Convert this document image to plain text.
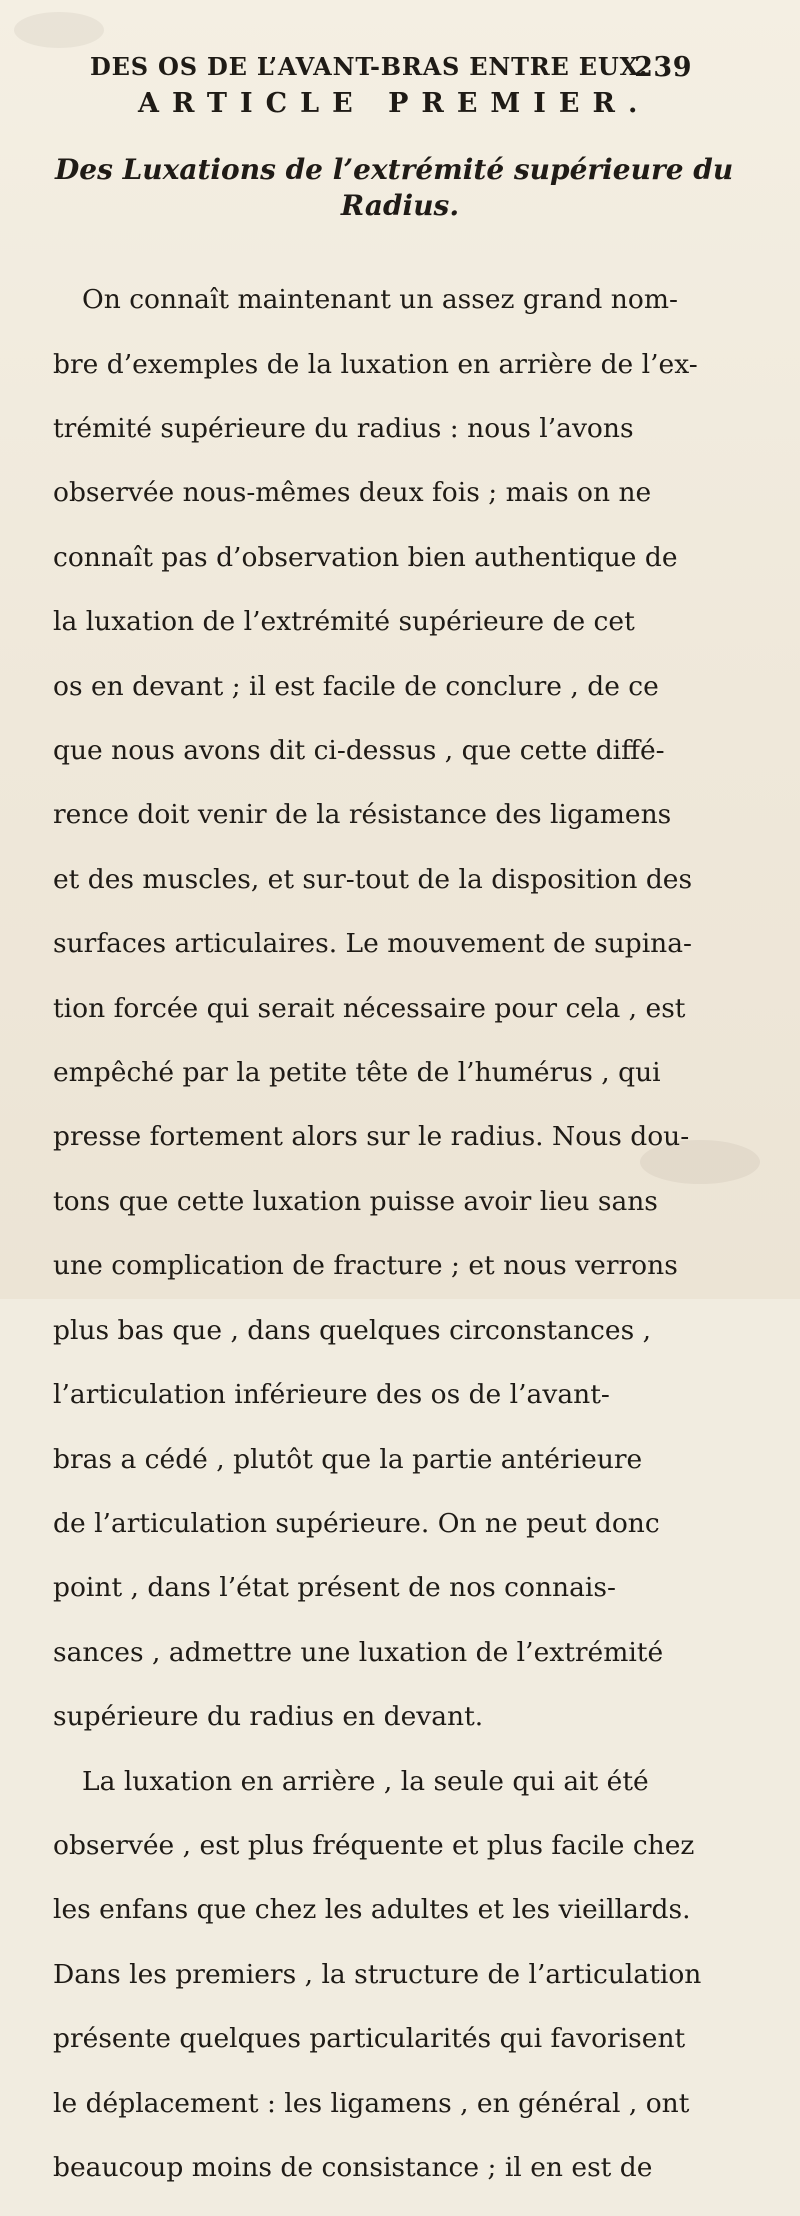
DES OS DE L’AVANT-BRAS ENTRE EUX.
239
ARTICLE PREMIER.
Des Luxations de l’extrémité supérieure du
Radius.

On connaît maintenant un assez grand nom-

bre d’exemples de la luxation en arrière de l’ex-

trémité supérieure du radius : nous l’avons

observée nous-mêmes deux fois ; mais on ne

connaît pas d’observation bien authentique de

la luxation de l’extrémité supérieure de cet

os en devant ; il est facile de conclure , de ce

que nous avons dit ci-dessus , que cette diffé-

rence doit venir de la résistance des ligamens

et des muscles, et sur-tout de la disposition des

surfaces articulaires. Le mouvement de supina-

tion forcée qui serait nécessaire pour cela , est

empêché par la petite tête de l’humérus , qui

presse fortement alors sur le radius. Nous dou-

tons que cette luxation puisse avoir lieu sans

une complication de fracture ; et nous verrons

plus bas que , dans quelques circonstances ,

l’articulation inférieure des os de l’avant-

bras a cédé , plutôt que la partie antérieure

de l’articulation supérieure. On ne peut donc

point , dans l’état présent de nos connais-

sances , admettre une luxation de l’extrémité

supérieure du radius en devant.

La luxation en arrière , la seule qui ait été

observée , est plus fréquente et plus facile chez

les enfans que chez les adultes et les vieillards.

Dans les premiers , la structure de l’articulation

présente quelques particularités qui favorisent

le déplacement : les ligamens , en général , ont

beaucoup moins de consistance ; il en est de
